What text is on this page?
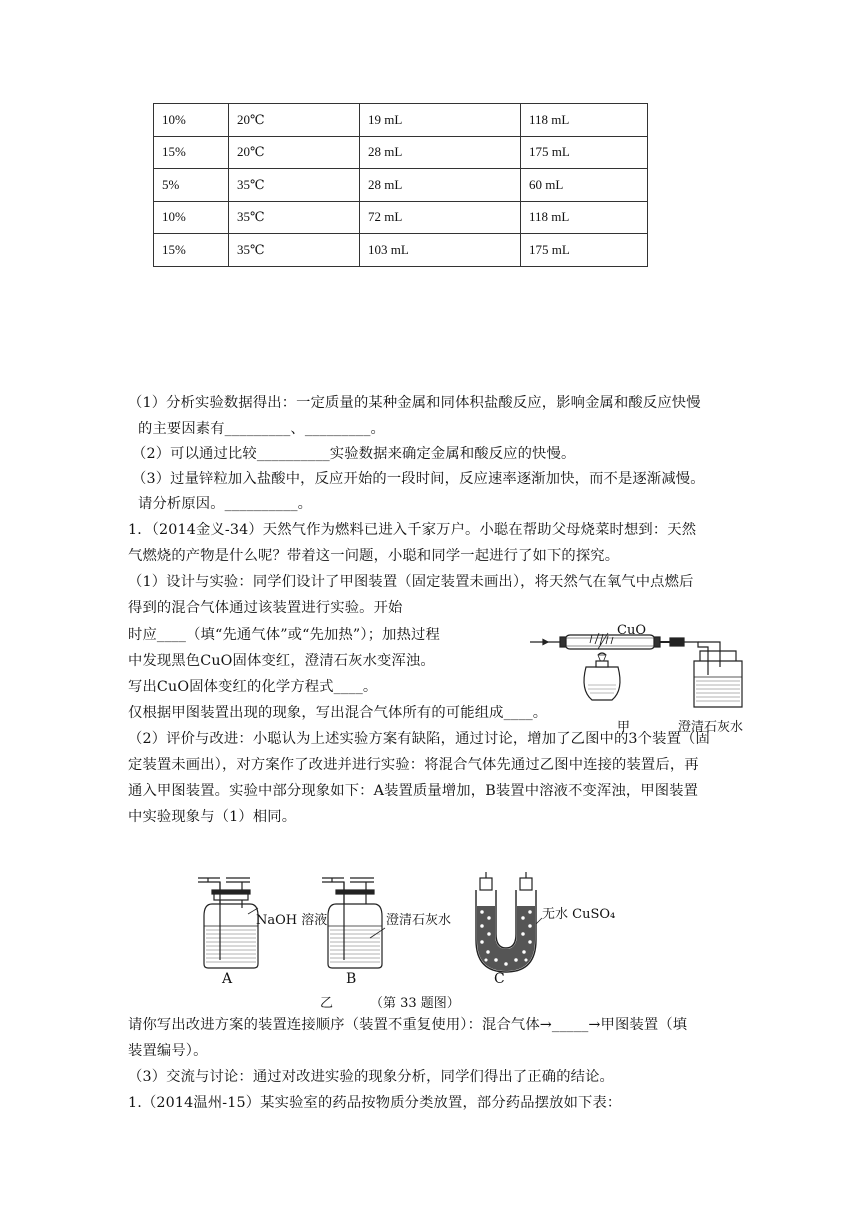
10%	20℃	19 mL	118 mL
15%	20℃	28 mL	175 mL
5%	35℃	28 mL	60 mL
10%	35℃	72 mL	118 mL
15%	35℃	103 mL	175 mL
（1）分析实验数据得出：一定质量的某种金属和同体积盐酸反应，影响金属和酸反应快慢
的主要因素有_________、_________。
（2）可以通过比较__________实验数据来确定金属和酸反应的快慢。
（3）过量锌粒加入盐酸中，反应开始的一段时间，反应速率逐渐加快，而不是逐渐减慢。
请分析原因。__________。
1．（2014金义-34）天然气作为燃料已进入千家万户。小聪在帮助父母烧菜时想到：天然
气燃烧的产物是什么呢？带着这一问题，小聪和同学一起进行了如下的探究。
（1）设计与实验：同学们设计了甲图装置（固定装置未画出），将天然气在氧气中点燃后
得到的混合气体通过该装置进行实验。开始
时应____（填“先通气体”或“先加热”）；加热过程
中发现黑色CuO固体变红，澄清石灰水变浑浊。
写出CuO固体变红的化学方程式____。
仅根据甲图装置出现的现象，写出混合气体所有的可能组成____。
（2）评价与改进：小聪认为上述实验方案有缺陷，通过讨论，增加了乙图中的3个装置（固
定装置未画出），对方案作了改进并进行实验：将混合气体先通过乙图中连接的装置后，再
通入甲图装置。实验中部分现象如下：A装置质量增加，B装置中溶液不变浑浊，甲图装置
中实验现象与（1）相同。
请你写出改进方案的装置连接顺序（装置不重复使用）：混合气体→_____→甲图装置（填
装置编号）。
（3）交流与讨论：通过对改进实验的现象分析，同学们得出了正确的结论。
1.（2014温州-15）某实验室的药品按物质分类放置，部分药品摆放如下表：
CuO
甲	澄清石灰水
NaOH 溶液	澄清石灰水	无水 CuSO₄
A	B	C
乙	（第 33 题图）
